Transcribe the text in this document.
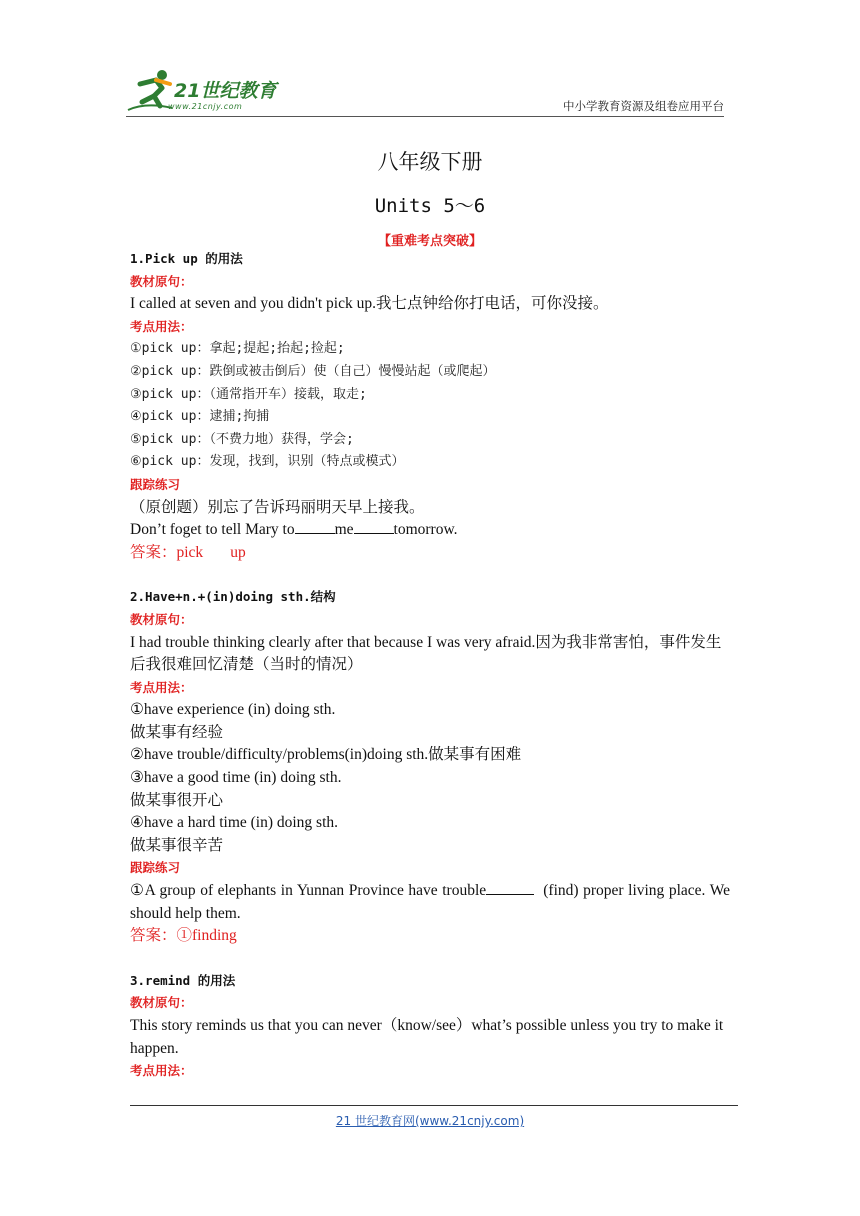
21世纪教育
www.21cnjy.com	中小学教育资源及组卷应用平台
八年级下册
Units 5～6
【重难考点突破】
1.Pick up 的用法
教材原句：
I called at seven and you didn't pick up.我七点钟给你打电话，可你没接。
考点用法：
①pick up：拿起;提起;抬起;捡起;
②pick up：跌倒或被击倒后）使（自己）慢慢站起（或爬起）
③pick up：（通常指开车）接载，取走;
④pick up：逮捕;拘捕
⑤pick up：（不费力地）获得，学会;
⑥pick up：发现，找到，识别（特点或模式）
跟踪练习
（原创题）别忘了告诉玛丽明天早上接我。
Don’t foget to tell Mary to	me	tomorrow.
答案：pick       up
2.Have+n.+(in)doing sth.结构
教材原句：
I had trouble thinking clearly after that because I was very afraid.因为我非常害怕，事件发生后我很难回忆清楚（当时的情况）
考点用法：
①have experience (in) doing sth.
做某事有经验
②have trouble/difficulty/problems(in)doing sth.做某事有困难
③have a good time (in) doing sth.
做某事很开心
④have a hard time (in) doing sth.
做某事很辛苦
跟踪练习
①A group of elephants in Yunnan Province have trouble	(find) proper living place. We should help them.
答案：①finding
3.remind 的用法
教材原句：
This story reminds us that you can never（know/see）what’s possible unless you try to make it happen.
考点用法：
21 世纪教育网(www.21cnjy.com)
